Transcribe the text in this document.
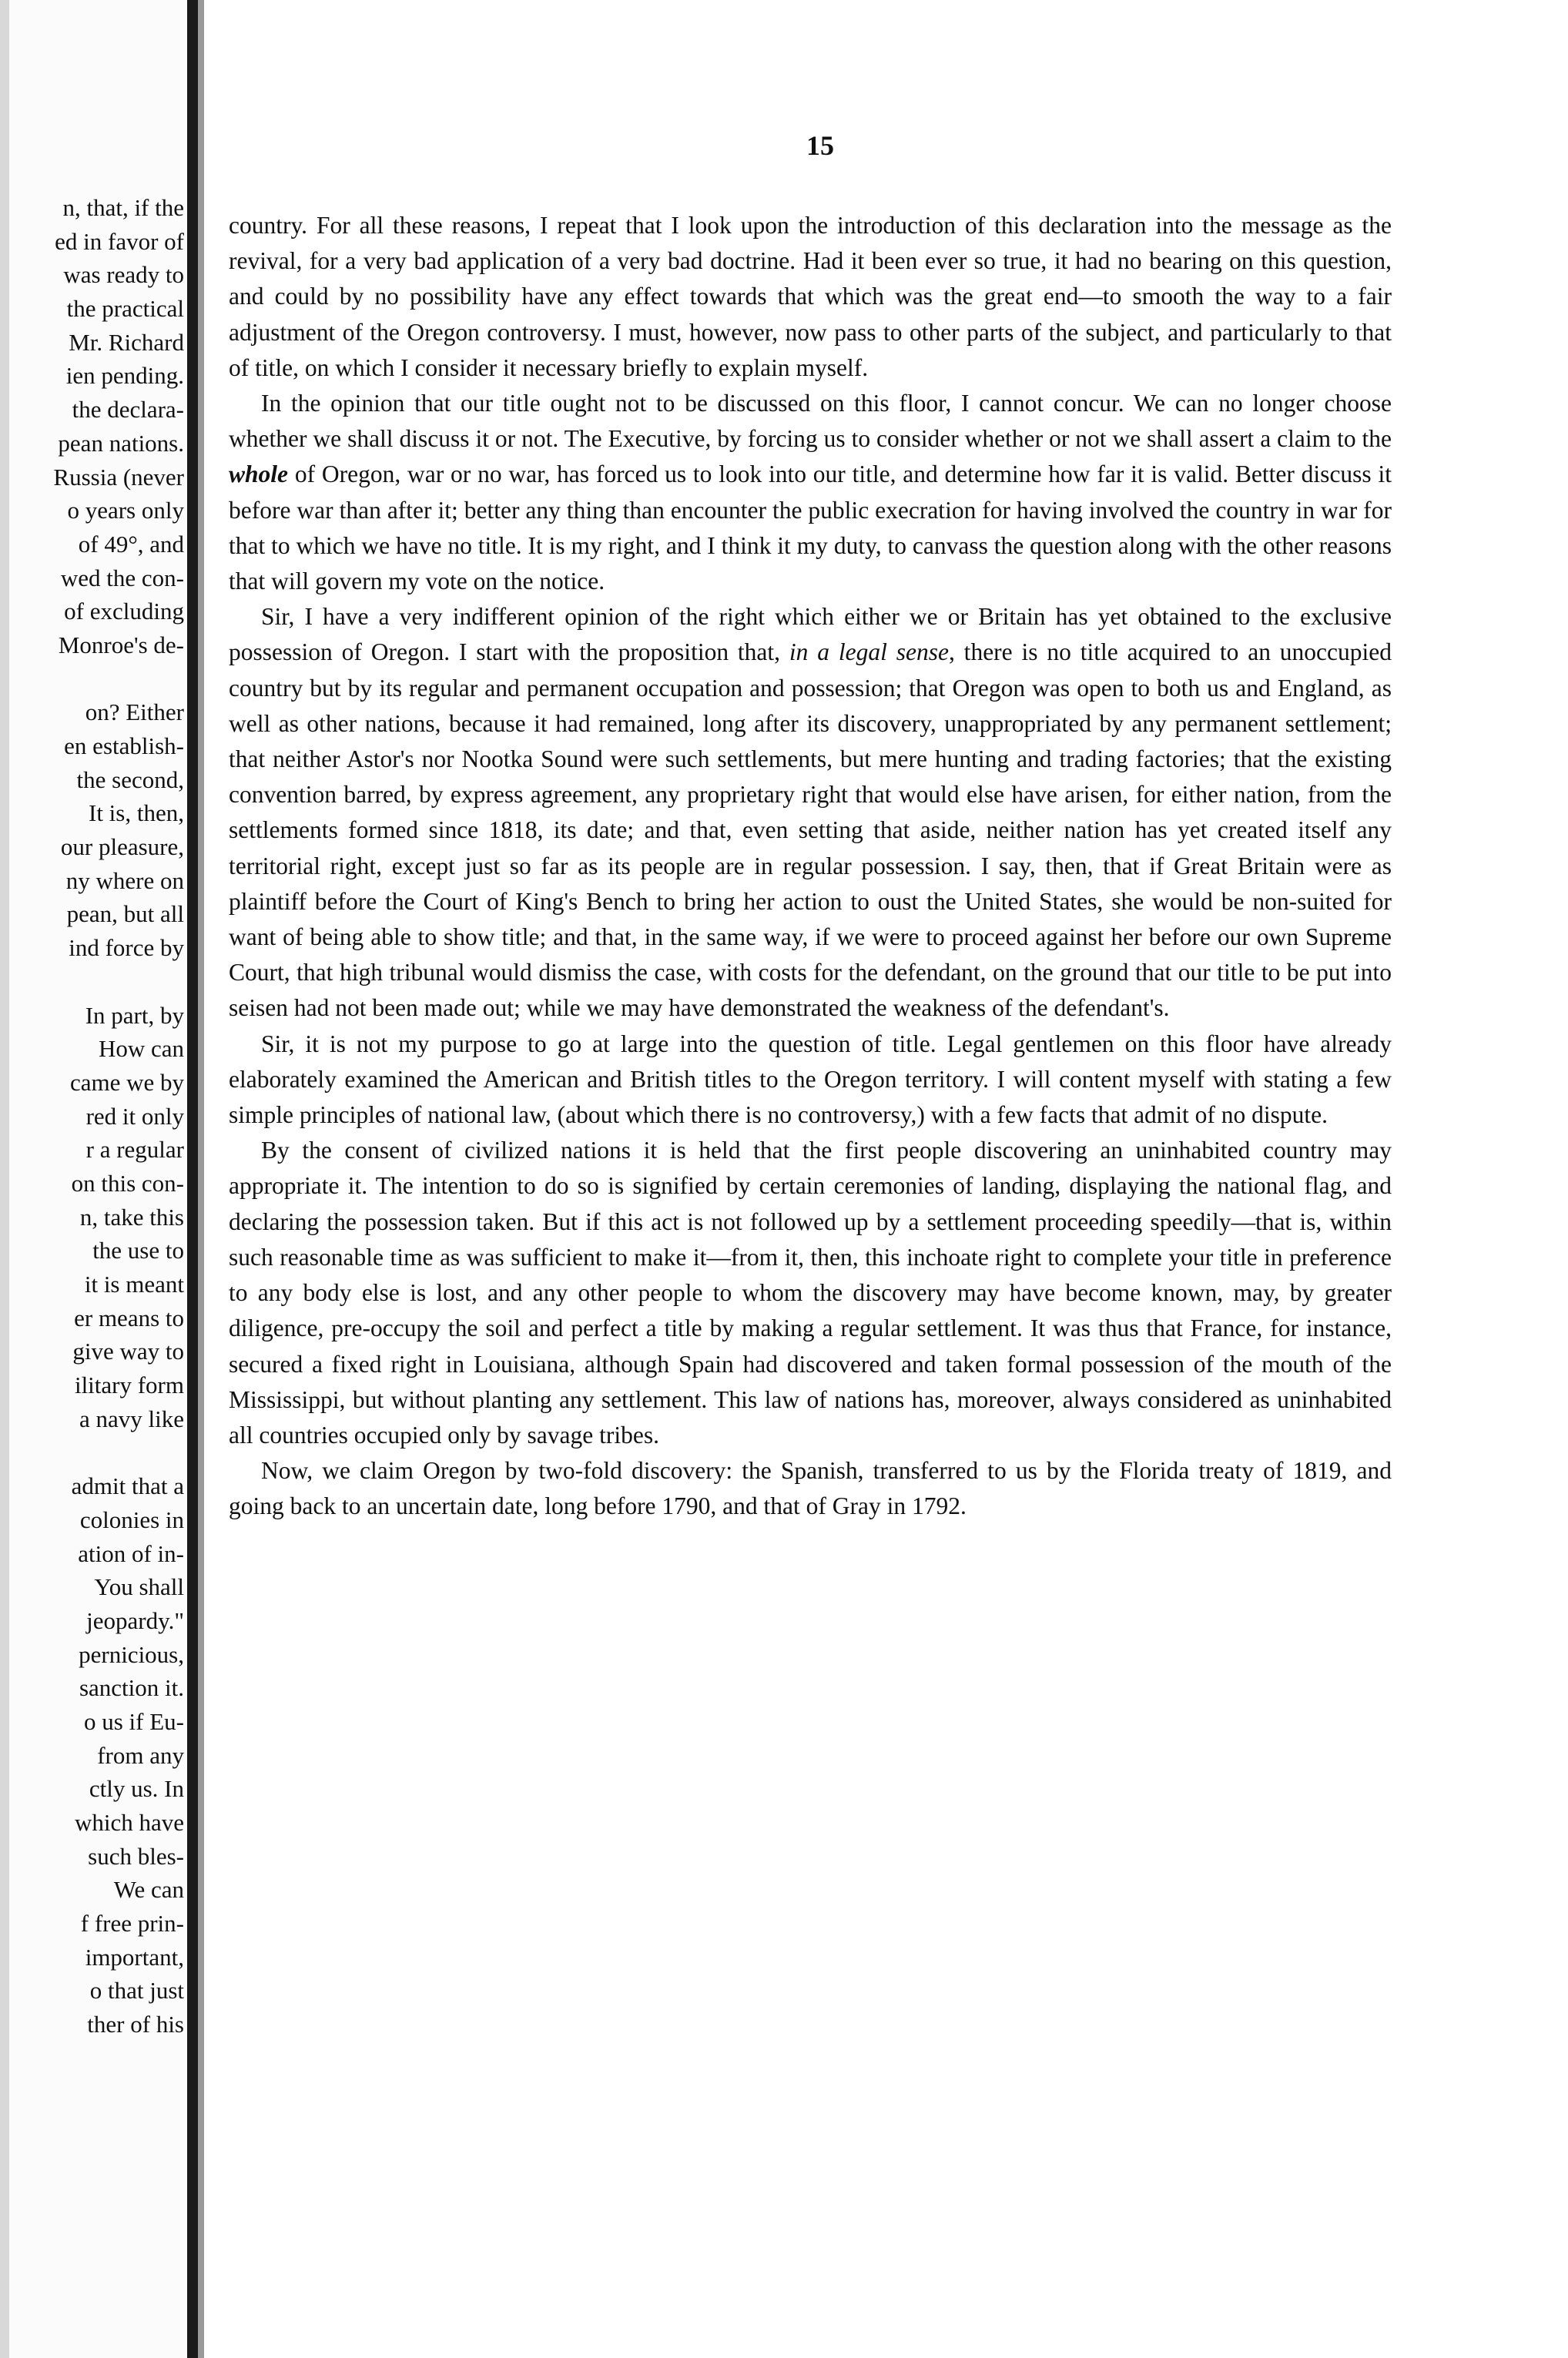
n, that, if the
ed in favor of
was ready to
the practical
Mr. Richard
ien pending.
the declara-
pean nations.
Russia (never
o years only
of 49°, and
wed the con-
of excluding
Monroe's de-
on? Either
en establish-
the second,
It is, then,
our pleasure,
ny where on
pean, but all
ind force by
In part, by
How can
came we by
red it only
r a regular
on this con-
n, take this
the use to
it is meant
er means to
give way to
ilitary form
a navy like
admit that a
colonies in
ation of in-
You shall
jeopardy."
pernicious,
sanction it.
o us if Eu-
from any
ctly us. In
which have
such bles-
We can
f free prin-
important,
o that just
ther of his
15

country. For all these reasons, I repeat that I look upon the introduction of this declaration into the message as the revival, for a very bad application of a very bad doctrine. Had it been ever so true, it had no bearing on this question, and could by no possibility have any effect towards that which was the great end—to smooth the way to a fair adjustment of the Oregon controversy. I must, however, now pass to other parts of the subject, and particularly to that of title, on which I consider it necessary briefly to explain myself.

In the opinion that our title ought not to be discussed on this floor, I cannot concur. We can no longer choose whether we shall discuss it or not. The Executive, by forcing us to consider whether or not we shall assert a claim to the whole of Oregon, war or no war, has forced us to look into our title, and determine how far it is valid. Better discuss it before war than after it; better any thing than encounter the public execration for having involved the country in war for that to which we have no title. It is my right, and I think it my duty, to canvass the question along with the other reasons that will govern my vote on the notice.

Sir, I have a very indifferent opinion of the right which either we or Britain has yet obtained to the exclusive possession of Oregon. I start with the proposition that, in a legal sense, there is no title acquired to an unoccupied country but by its regular and permanent occupation and possession; that Oregon was open to both us and England, as well as other nations, because it had remained, long after its discovery, unappropriated by any permanent settlement; that neither Astor's nor Nootka Sound were such settlements, but mere hunting and trading factories; that the existing convention barred, by express agreement, any proprietary right that would else have arisen, for either nation, from the settlements formed since 1818, its date; and that, even setting that aside, neither nation has yet created itself any territorial right, except just so far as its people are in regular possession. I say, then, that if Great Britain were as plaintiff before the Court of King's Bench to bring her action to oust the United States, she would be non-suited for want of being able to show title; and that, in the same way, if we were to proceed against her before our own Supreme Court, that high tribunal would dismiss the case, with costs for the defendant, on the ground that our title to be put into seisen had not been made out; while we may have demonstrated the weakness of the defendant's.

Sir, it is not my purpose to go at large into the question of title. Legal gentlemen on this floor have already elaborately examined the American and British titles to the Oregon territory. I will content myself with stating a few simple principles of national law, (about which there is no controversy,) with a few facts that admit of no dispute.

By the consent of civilized nations it is held that the first people discovering an uninhabited country may appropriate it. The intention to do so is signified by certain ceremonies of landing, displaying the national flag, and declaring the possession taken. But if this act is not followed up by a settlement proceeding speedily—that is, within such reasonable time as was sufficient to make it—from it, then, this inchoate right to complete your title in preference to any body else is lost, and any other people to whom the discovery may have become known, may, by greater diligence, pre-occupy the soil and perfect a title by making a regular settlement. It was thus that France, for instance, secured a fixed right in Louisiana, although Spain had discovered and taken formal possession of the mouth of the Mississippi, but without planting any settlement. This law of nations has, moreover, always considered as uninhabited all countries occupied only by savage tribes.

Now, we claim Oregon by two-fold discovery: the Spanish, transferred to us by the Florida treaty of 1819, and going back to an uncertain date, long before 1790, and that of Gray in 1792.
